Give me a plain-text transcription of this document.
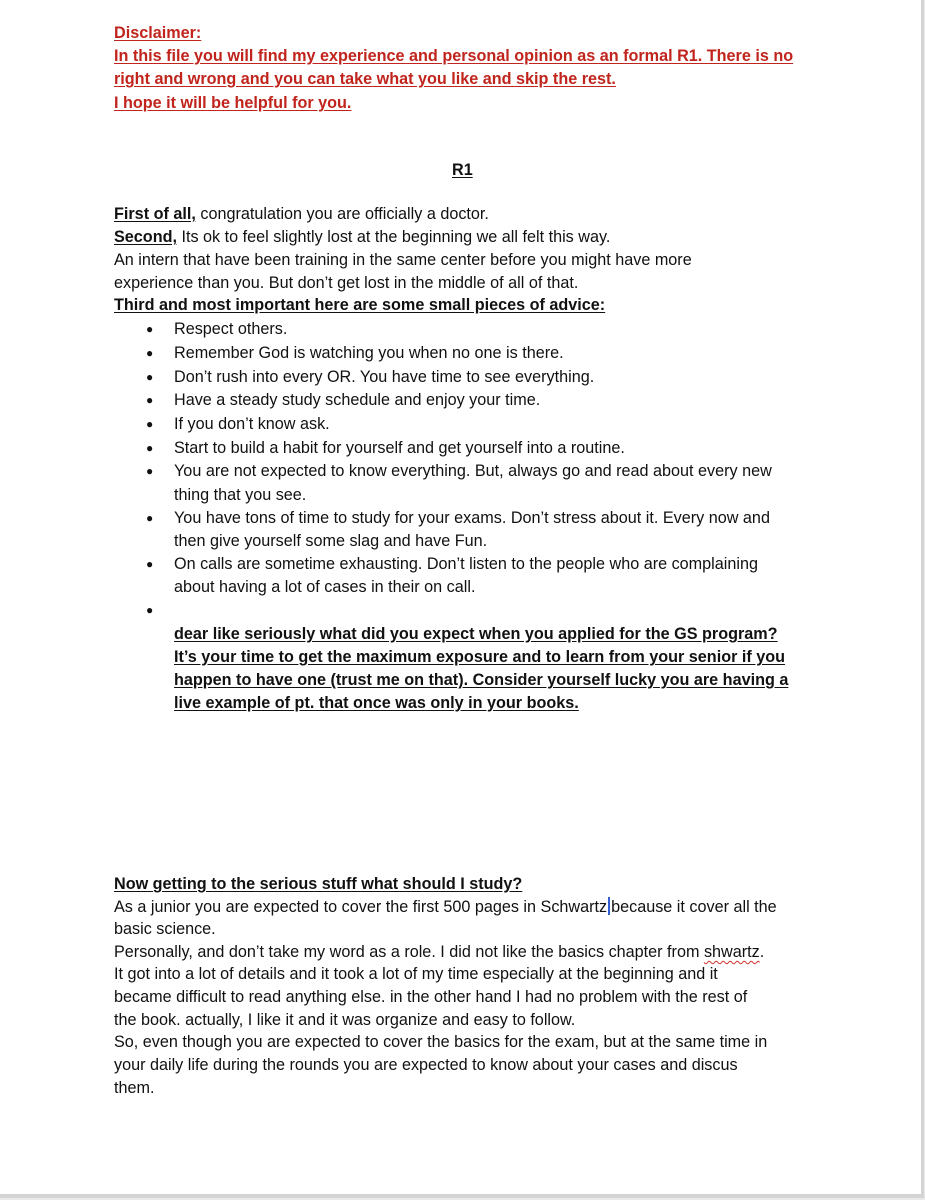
Disclaimer:
In this file you will find my experience and personal opinion as an formal R1. There is no
right and wrong and you can take what you like and skip the rest.
I hope it will be helpful for you.
R1
First of all, congratulation you are officially a doctor.
Second, Its ok to feel slightly lost at the beginning we all felt this way.
An intern that have been training in the same center before you might have more
experience than you. But don’t get lost in the middle of all of that.
Third and most important here are some small pieces of advice:
● Respect others.
● Remember God is watching you when no one is there.
● Don’t rush into every OR. You have time to see everything.
● Have a steady study schedule and enjoy your time.
● If you don’t know ask.
● Start to build a habit for yourself and get yourself into a routine.
● You are not expected to know everything. But, always go and read about every new
thing that you see.
● You have tons of time to study for your exams. Don’t stress about it. Every now and
then give yourself some slag and have Fun.
● On calls are sometime exhausting. Don’t listen to the people who are complaining
about having a lot of cases in their on call.
●
dear like seriously what did you expect when you applied for the GS program?
It’s your time to get the maximum exposure and to learn from your senior if you
happen to have one (trust me on that). Consider yourself lucky you are having a
live example of pt. that once was only in your books.
Now getting to the serious stuff what should I study?
As a junior you are expected to cover the first 500 pages in Schwartz because it cover all the
basic science.
Personally, and don’t take my word as a role. I did not like the basics chapter from shwartz.
It got into a lot of details and it took a lot of my time especially at the beginning and it
became difficult to read anything else. in the other hand I had no problem with the rest of
the book. actually, I like it and it was organize and easy to follow.
So, even though you are expected to cover the basics for the exam, but at the same time in
your daily life during the rounds you are expected to know about your cases and discus
them.
